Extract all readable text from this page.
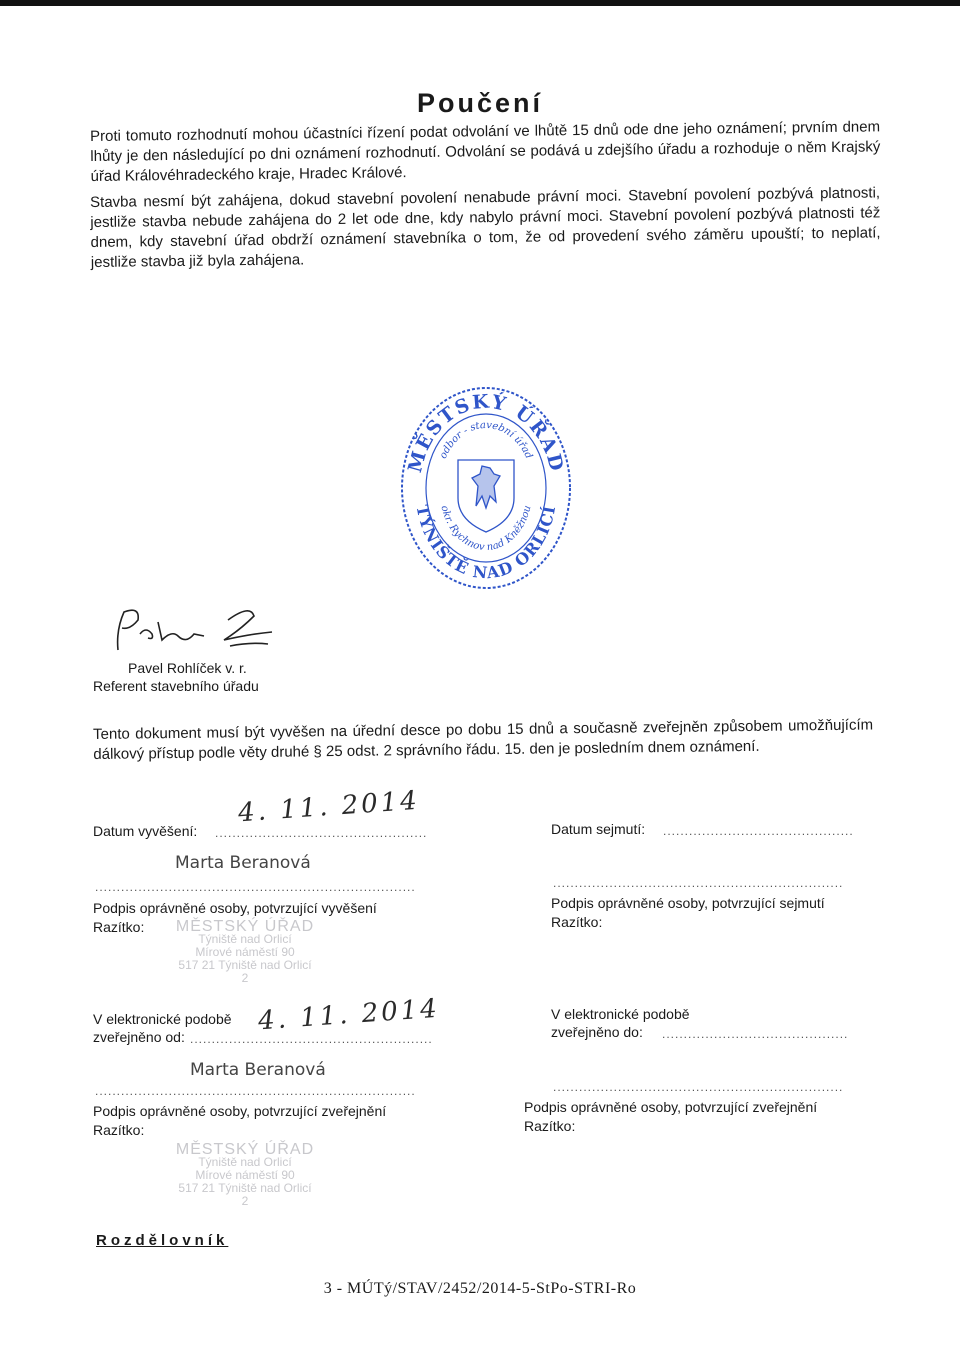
Poučení
Proti tomuto rozhodnutí mohou účastníci řízení podat odvolání ve lhůtě 15 dnů ode dne jeho oznámení; prvním dnem lhůty je den následující po dni oznámení rozhodnutí. Odvolání se podává u zdejšího úřadu a rozhoduje o něm Krajský úřad Královéhradeckého kraje, Hradec Králové.
Stavba nesmí být zahájena, dokud stavební povolení nenabude právní moci. Stavební povolení pozbývá platnosti, jestliže stavba nebude zahájena do 2 let ode dne, kdy nabylo právní moci. Stavební povolení pozbývá platnosti též dnem, kdy stavební úřad obdrží oznámení stavebníka o tom, že od provedení svého záměru upouští; to neplatí, jestliže stavba již byla zahájena.
MĚSTSKÝ ÚŘAD
TÝNIŠTĚ NAD ORLICÍ
odbor - stavební úřad
okr. Rychnov nad Kněžnou
Pavel Rohlíček v. r.
Referent stavebního úřadu
Tento dokument musí být vyvěšen na úřední desce po dobu 15 dnů a současně zveřejněn způsobem umožňujícím dálkový přístup podle věty druhé § 25 odst. 2 správního řádu. 15. den je posledním dnem oznámení.
Datum vyvěšení: .................................................
4. 11. 2014
Marta Beranová
..........................................................................
Podpis oprávněné osoby, potvrzující vyvěšení
Razítko:	MĚSTSKÝ ÚŘAD
Týniště nad Orlicí
Mírové náměstí 90
517 21 Týniště nad Orlicí
2
V elektronické podobě
zveřejněno od: ........................................................
4. 11. 2014
Marta Beranová
..........................................................................
Podpis oprávněné osoby, potvrzující zveřejnění
Razítko:
MĚSTSKÝ ÚŘAD
Týniště nad Orlicí
Mírové náměstí 90
517 21 Týniště nad Orlicí
2
Datum sejmutí: ............................................
...................................................................
Podpis oprávněné osoby, potvrzující sejmutí
Razítko:
V elektronické podobě
zveřejněno do: ...........................................
...................................................................
Podpis oprávněné osoby, potvrzující zveřejnění
Razítko:
Rozdělovník
3 - MÚTý/STAV/2452/2014-5-StPo-STRI-Ro
